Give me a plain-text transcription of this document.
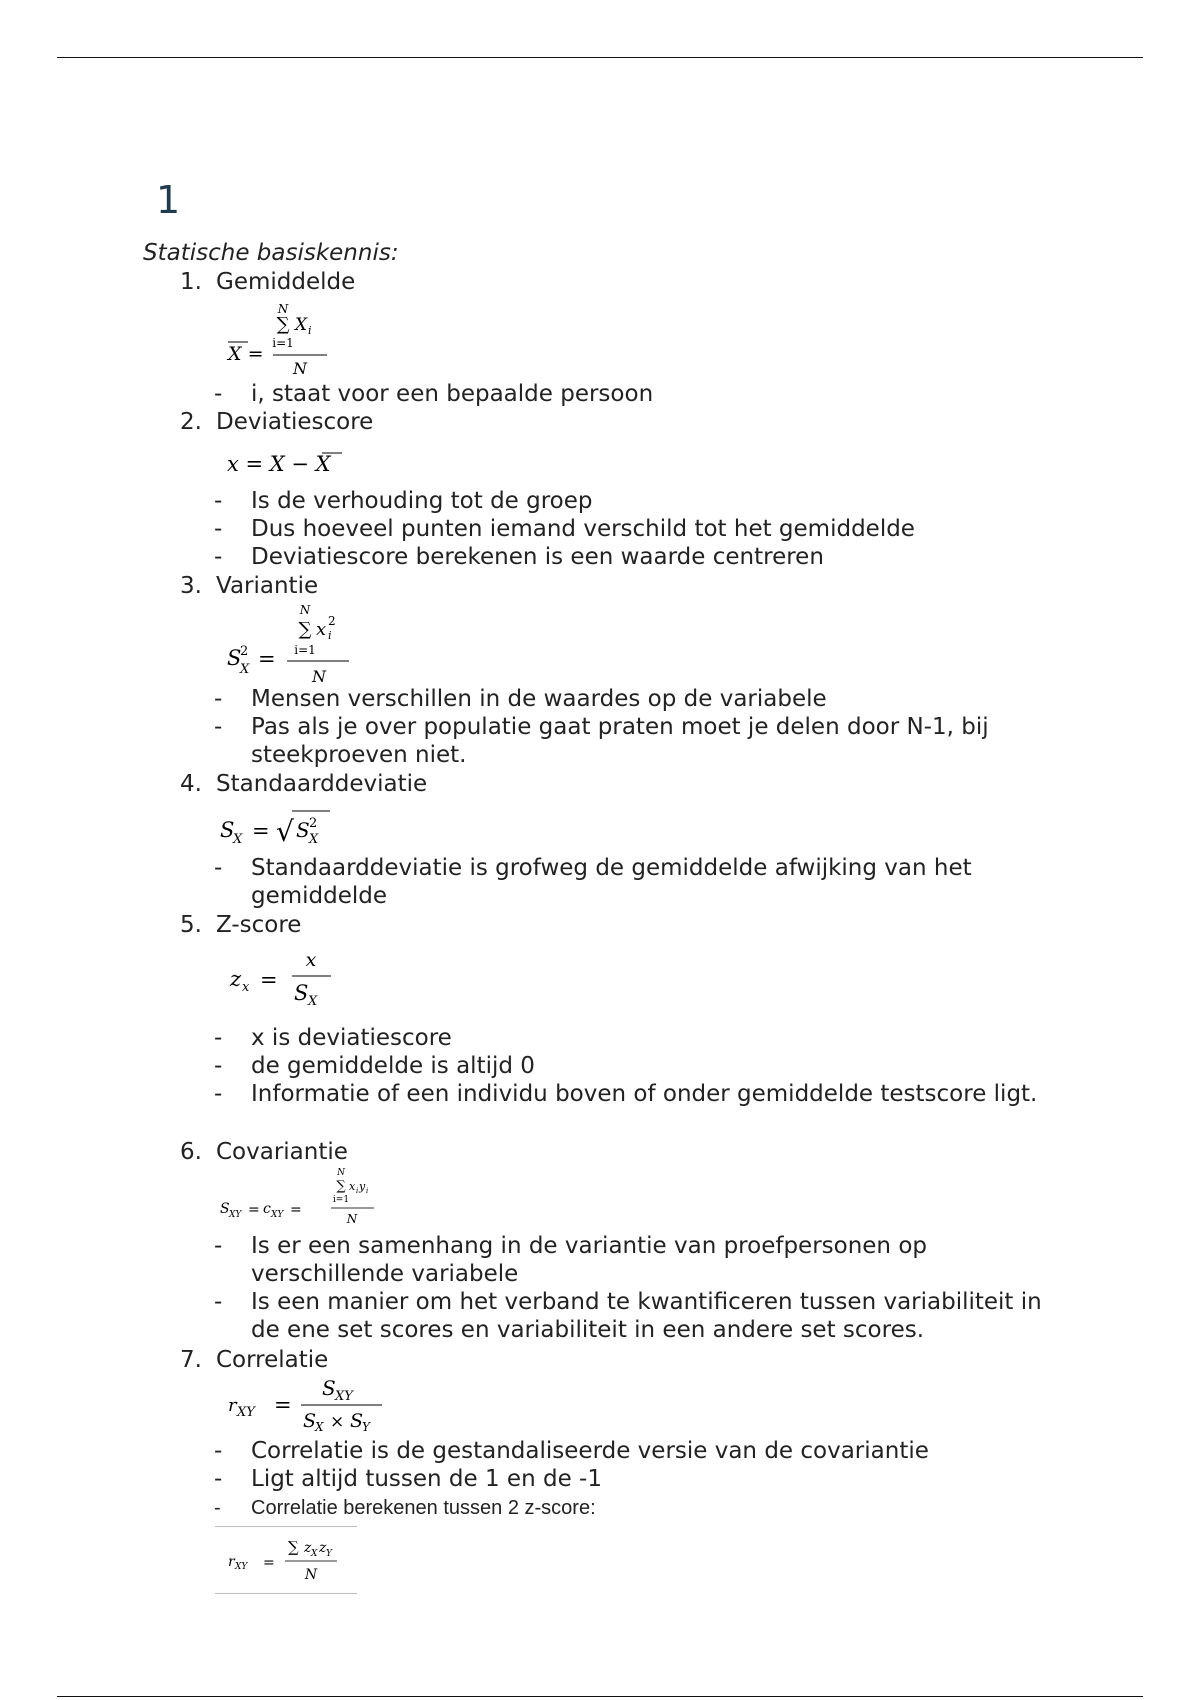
1
Statische basiskennis:
1. Gemiddelde
X =
N
∑
i=1
X i
N
- i, staat voor een bepaalde persoon
2. Deviatiescore
x = X − X
- Is de verhouding tot de groep
- Dus hoeveel punten iemand verschild tot het gemiddelde
- Deviatiescore berekenen is een waarde centreren
3. Variantie
S
2
X =
N
∑
i=1
x 2
i
N
- Mensen verschillen in de waardes op de variabele
- Pas als je over populatie gaat praten moet je delen door N-1, bij steekproeven niet.
4. Standaarddeviatie
S
X = √ S 2
X
- Standaarddeviatie is grofweg de gemiddelde afwijking van het gemiddelde
5. Z-score
z x =
x
S X
- x is deviatiescore
- de gemiddelde is altijd 0
- Informatie of een individu boven of onder gemiddelde testscore ligt.
6. Covariantie
S XY = c XY =
N
∑
i=1
x i y i
N
- Is er een samenhang in de variantie van proefpersonen op verschillende variabele
- Is een manier om het verband te kwantificeren tussen variabiliteit in de ene set scores en variabiliteit in een andere set scores.
7. Correlatie
r XY =
S XY
S
X × S
Y
- Correlatie is de gestandaliseerde versie van de covariantie
- Ligt altijd tussen de 1 en de -1
- Correlatie berekenen tussen 2 z-score:
r XY =
∑ z X z Y
N
